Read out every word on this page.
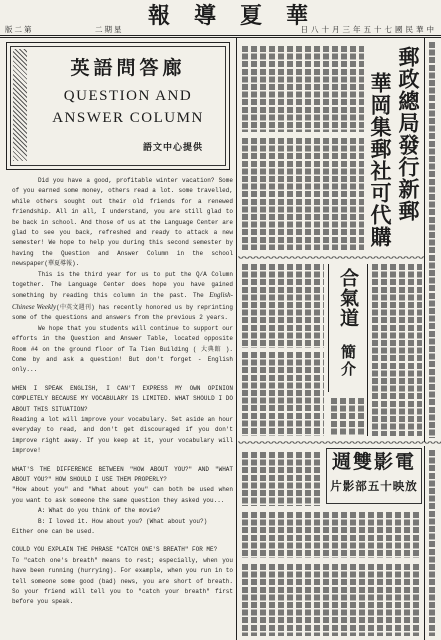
報導夏華
版二第	二期星	日八十月三年五十七國民華中
英語問答廊
QUESTION AND
ANSWER COLUMN
語文中心提供

Did you have a good, profitable winter vacation? Some of you earned some money, others read a lot. some travelled, while others sought out their old friends for a renewed friendship. All in all, I understand, you are still glad to be back in school. And those of us at the Language Center are glad to see you back, refreshed and ready to attack a new semester! We hope to help you during this second semester by having the Question and Answer Column in the school newspaper(華夏導報).

This is the third year for us to put the Q/A Column together. The Language Center does hope you have gained something by reading this column in the past. The English-Chinese Weekly(中英文週刊) has recently honored us by reprinting some of the questions and answers from the previous 2 years.

We hope that you students will continue to support our efforts in the Question and Answer Table, located opposite Room #4 on the ground floor of Ta Tien Building ( 大典館 ). Come by and ask a question! But don't forget - English only...

WHEN I SPEAK ENGLISH, I CAN'T EXPRESS MY OWN OPINION COMPLETELY BECAUSE MY VOCABULARY IS LIMITED. WHAT SHOULD I DO ABOUT THIS SITUATION?

Reading a lot will improve your vocabulary. Set aside an hour everyday to read, and don't get discouraged if you don't improve right away. If you keep at it, your vocabulary will improve!

WHAT'S THE DIFFERENCE BETWEEN "HOW ABOUT YOU?" AND "WHAT ABOUT YOU?" HOW SHOULD I USE THEM PROPERLY?

"How about you" and "What about you" can both be used when you want to ask someone the same question they asked you...

A: What do you think of the movie?

B: I loved it. How about you? (What about you?)

Either one can be used.

COULD YOU EXPLAIN THE PHRASE "CATCH ONE'S BREATH" FOR ME?

To "catch one's breath" means to rest; especially, when you have been running (hurrying). For example, when you run in to tell someone some good (bad) news, you are short of breath. So your friend will tell you to "catch your breath" first before you speak.

郵政總局發行新郵
華岡集郵社可代購
合氣道
簡介
週雙影電
片影部五十映放
